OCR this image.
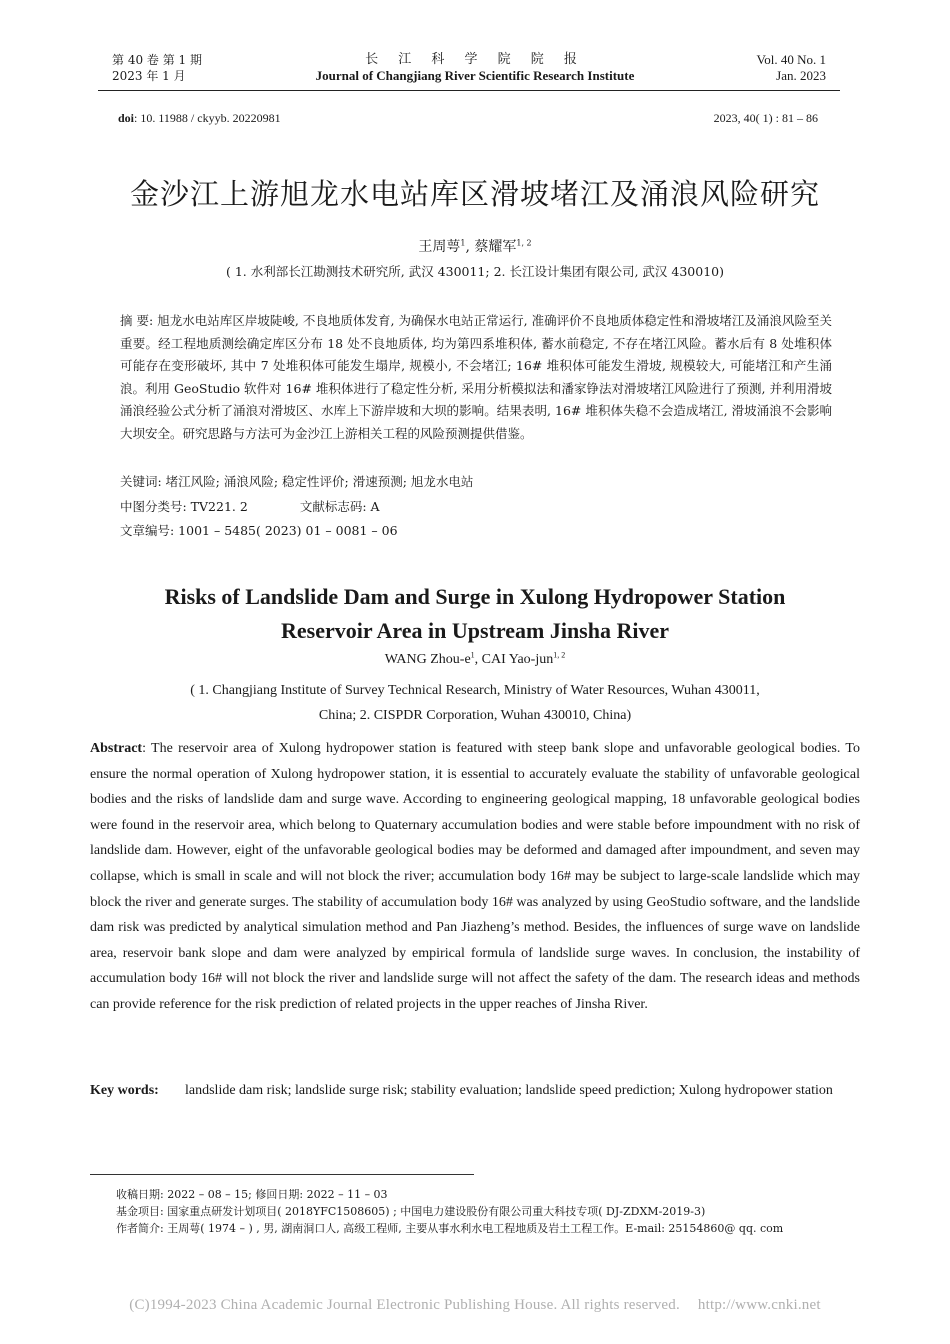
第 40 卷 第 1 期
2023 年 1 月
长 江 科 学 院 院 报
Journal of Changjiang River Scientific Research Institute
Vol. 40 No. 1
Jan. 2023
doi: 10. 11988 / ckyyb. 20220981	2023, 40( 1) : 81 – 86
金沙江上游旭龙水电站库区滑坡堵江及涌浪风险研究
王周萼$^1$, 蔡耀军$^{1, 2}$
( 1. 水利部长江勘测技术研究所, 武汉 430011; 2. 长江设计集团有限公司, 武汉 430010)
摘 要: 旭龙水电站库区岸坡陡峻, 不良地质体发育, 为确保水电站正常运行, 准确评价不良地质体稳定性和滑坡堵江及涌浪风险至关重要。经工程地质测绘确定库区分布 18 处不良地质体, 均为第四系堆积体, 蓄水前稳定, 不存在堵江风险。蓄水后有 8 处堆积体可能存在变形破坏, 其中 7 处堆积体可能发生塌岸, 规模小, 不会堵江; 16# 堆积体可能发生滑坡, 规模较大, 可能堵江和产生涌浪。利用 GeoStudio 软件对 16# 堆积体进行了稳定性分析, 采用分析模拟法和潘家铮法对滑坡堵江风险进行了预测, 并利用滑坡涌浪经验公式分析了涌浪对滑坡区、水库上下游岸坡和大坝的影响。结果表明, 16# 堆积体失稳不会造成堵江, 滑坡涌浪不会影响大坝安全。研究思路与方法可为金沙江上游相关工程的风险预测提供借鉴。
关键词: 堵江风险; 涌浪风险; 稳定性评价; 滑速预测; 旭龙水电站
中图分类号: TV221. 2	文献标志码: A
文章编号: 1001 – 5485( 2023) 01 – 0081 – 06
Risks of Landslide Dam and Surge in Xulong Hydropower Station
Reservoir Area in Upstream Jinsha River
WANG Zhou-$e^1$, CAI Yao-jun$^{1, 2}$
( 1. Changjiang Institute of Survey Technical Research, Ministry of Water Resources, Wuhan 430011,
China; 2. CISPDR Corporation, Wuhan 430010, China)
Abstract: The reservoir area of Xulong hydropower station is featured with steep bank slope and unfavorable geological bodies. To ensure the normal operation of Xulong hydropower station, it is essential to accurately evaluate the stability of unfavorable geological bodies and the risks of landslide dam and surge wave. According to engineering geological mapping, 18 unfavorable geological bodies were found in the reservoir area, which belong to Quaternary accumulation bodies and were stable before impoundment with no risk of landslide dam. However, eight of the unfavorable geological bodies may be deformed and damaged after impoundment, and seven may collapse, which is small in scale and will not block the river; accumulation body 16# may be subject to large-scale landslide which may block the river and generate surges. The stability of accumulation body 16# was analyzed by using GeoStudio software, and the landslide dam risk was predicted by analytical simulation method and Pan Jiazheng’s method. Besides, the influences of surge wave on landslide area, reservoir bank slope and dam were analyzed by empirical formula of landslide surge waves. In conclusion, the instability of accumulation body 16# will not block the river and landslide surge will not affect the safety of the dam. The research ideas and methods can provide reference for the risk prediction of related projects in the upper reaches of Jinsha River.
Key words:	landslide dam risk; landslide surge risk; stability evaluation; landslide speed prediction; Xulong hydropower station
收稿日期: 2022 – 08 – 15; 修回日期: 2022 – 11 – 03
基金项目: 国家重点研发计划项目( 2018YFC1508605) ; 中国电力建设股份有限公司重大科技专项( DJ-ZDXM-2019-3)
作者简介: 王周萼( 1974 – ) , 男, 湖南洞口人, 高级工程师, 主要从事水利水电工程地质及岩土工程工作。E-mail: 25154860@ qq. com
(C)1994-2023 China Academic Journal Electronic Publishing House. All rights reserved. http://www.cnki.net
